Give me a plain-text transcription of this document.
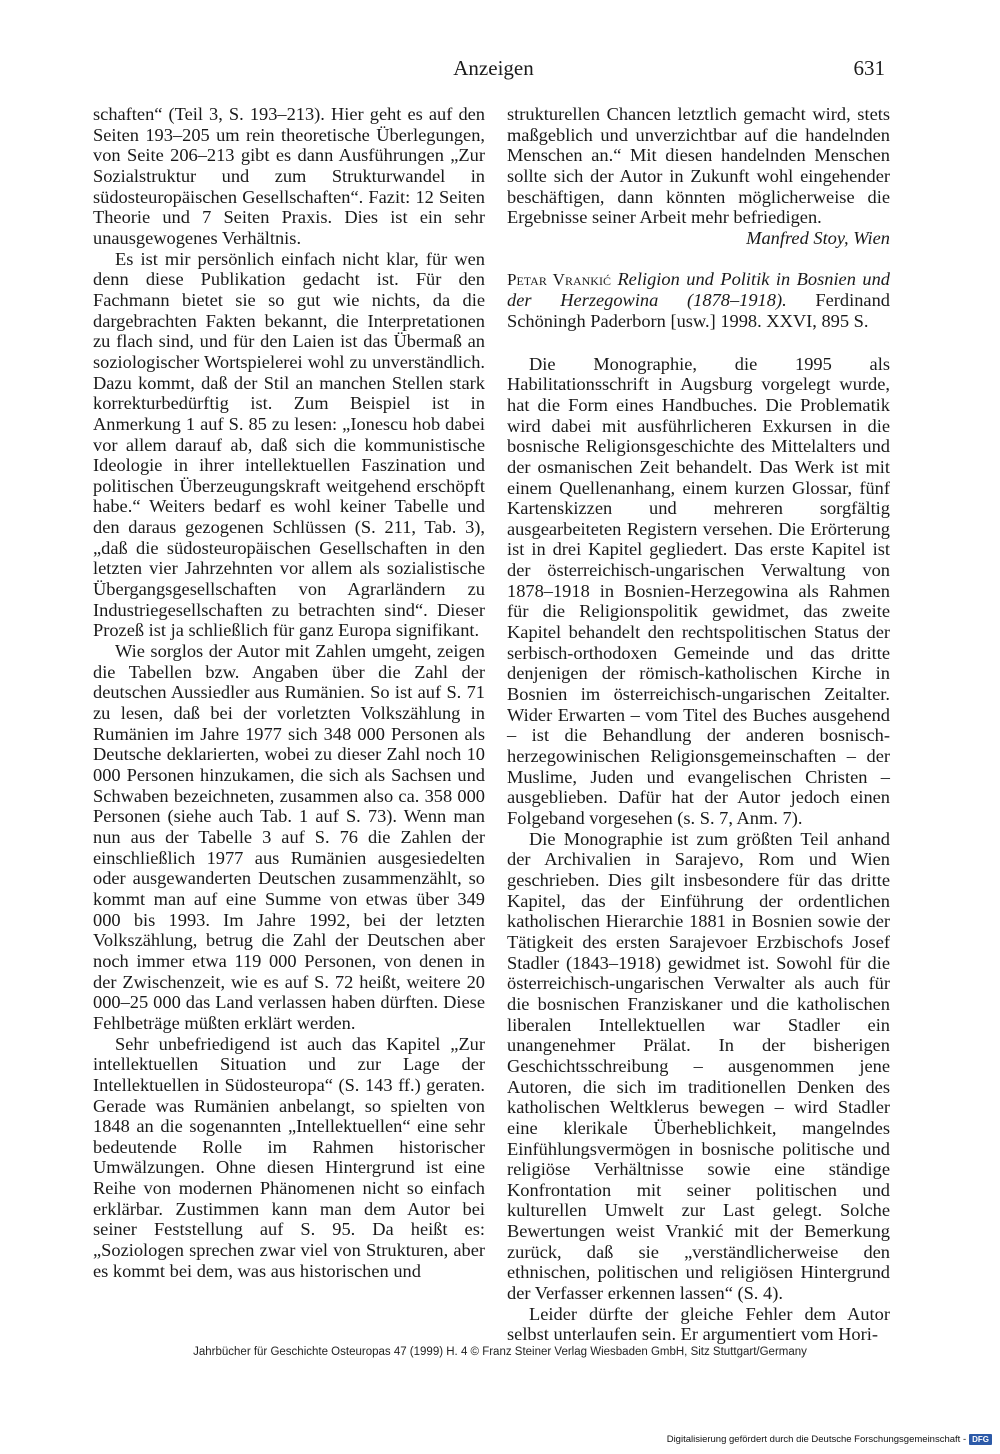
Anzeigen	631

schaften“ (Teil 3, S. 193–213). Hier geht es auf den Seiten 193–205 um rein theoretische Überlegungen, von Seite 206–213 gibt es dann Ausführungen „Zur Sozialstruktur und zum Strukturwandel in südosteuropäischen Gesellschaften“. Fazit: 12 Seiten Theorie und 7 Seiten Praxis. Dies ist ein sehr unausgewogenes Verhältnis.

Es ist mir persönlich einfach nicht klar, für wen denn diese Publikation gedacht ist. Für den Fachmann bietet sie so gut wie nichts, da die dargebrachten Fakten bekannt, die Interpretationen zu flach sind, und für den Laien ist das Übermaß an soziologischer Wortspielerei wohl zu unverständlich. Dazu kommt, daß der Stil an manchen Stellen stark korrekturbedürftig ist. Zum Beispiel ist in Anmerkung 1 auf S. 85 zu lesen: „Ionescu hob dabei vor allem darauf ab, daß sich die kommunistische Ideologie in ihrer intellektuellen Faszination und politischen Überzeugungskraft weitgehend erschöpft habe.“ Weiters bedarf es wohl keiner Tabelle und den daraus gezogenen Schlüssen (S. 211, Tab. 3), „daß die südosteuropäischen Gesellschaften in den letzten vier Jahrzehnten vor allem als sozialistische Übergangsgesellschaften von Agrarländern zu Industriegesellschaften zu betrachten sind“. Dieser Prozeß ist ja schließlich für ganz Europa signifikant.

Wie sorglos der Autor mit Zahlen umgeht, zeigen die Tabellen bzw. Angaben über die Zahl der deutschen Aussiedler aus Rumänien. So ist auf S. 71 zu lesen, daß bei der vorletzten Volkszählung in Rumänien im Jahre 1977 sich 348 000 Personen als Deutsche deklarierten, wobei zu dieser Zahl noch 10 000 Personen hinzukamen, die sich als Sachsen und Schwaben bezeichneten, zusammen also ca. 358 000 Personen (siehe auch Tab. 1 auf S. 73). Wenn man nun aus der Tabelle 3 auf S. 76 die Zahlen der einschließlich 1977 aus Rumänien ausgesiedelten oder ausgewanderten Deutschen zusammenzählt, so kommt man auf eine Summe von etwas über 349 000 bis 1993. Im Jahre 1992, bei der letzten Volkszählung, betrug die Zahl der Deutschen aber noch immer etwa 119 000 Personen, von denen in der Zwischenzeit, wie es auf S. 72 heißt, weitere 20 000–25 000 das Land verlassen haben dürften. Diese Fehlbeträge müßten erklärt werden.

Sehr unbefriedigend ist auch das Kapitel „Zur intellektuellen Situation und zur Lage der Intellektuellen in Südosteuropa“ (S. 143 ff.) geraten. Gerade was Rumänien anbelangt, so spielten von 1848 an die sogenannten „Intellektuellen“ eine sehr bedeutende Rolle im Rahmen historischer Umwälzungen. Ohne diesen Hintergrund ist eine Reihe von modernen Phänomenen nicht so einfach erklärbar. Zustimmen kann man dem Autor bei seiner Feststellung auf S. 95. Da heißt es: „Soziologen sprechen zwar viel von Strukturen, aber es kommt bei dem, was aus historischen und

strukturellen Chancen letztlich gemacht wird, stets maßgeblich und unverzichtbar auf die handelnden Menschen an.“ Mit diesen handelnden Menschen sollte sich der Autor in Zukunft wohl eingehender beschäftigen, dann könnten möglicherweise die Ergebnisse seiner Arbeit mehr befriedigen.
Manfred Stoy, Wien

Petar Vrankić Religion und Politik in Bosnien und der Herzegowina (1878–1918). Ferdinand Schöningh Paderborn [usw.] 1998. XXVI, 895 S.

Die Monographie, die 1995 als Habilitationsschrift in Augsburg vorgelegt wurde, hat die Form eines Handbuches. Die Problematik wird dabei mit ausführlicheren Exkursen in die bosnische Religionsgeschichte des Mittelalters und der osmanischen Zeit behandelt. Das Werk ist mit einem Quellenanhang, einem kurzen Glossar, fünf Kartenskizzen und mehreren sorgfältig ausgearbeiteten Registern versehen. Die Erörterung ist in drei Kapitel gegliedert. Das erste Kapitel ist der österreichisch-ungarischen Verwaltung von 1878–1918 in Bosnien-Herzegowina als Rahmen für die Religionspolitik gewidmet, das zweite Kapitel behandelt den rechtspolitischen Status der serbisch-orthodoxen Gemeinde und das dritte denjenigen der römisch-katholischen Kirche in Bosnien im österreichisch-ungarischen Zeitalter. Wider Erwarten – vom Titel des Buches ausgehend – ist die Behandlung der anderen bosnisch-herzegowinischen Religionsgemeinschaften – der Muslime, Juden und evangelischen Christen – ausgeblieben. Dafür hat der Autor jedoch einen Folgeband vorgesehen (s. S. 7, Anm. 7).

Die Monographie ist zum größten Teil anhand der Archivalien in Sarajevo, Rom und Wien geschrieben. Dies gilt insbesondere für das dritte Kapitel, das der Einführung der ordentlichen katholischen Hierarchie 1881 in Bosnien sowie der Tätigkeit des ersten Sarajevoer Erzbischofs Josef Stadler (1843–1918) gewidmet ist. Sowohl für die österreichisch-ungarischen Verwalter als auch für die bosnischen Franziskaner und die katholischen liberalen Intellektuellen war Stadler ein unangenehmer Prälat. In der bisherigen Geschichtsschreibung – ausgenommen jene Autoren, die sich im traditionellen Denken des katholischen Weltklerus bewegen – wird Stadler eine klerikale Überheblichkeit, mangelndes Einfühlungsvermögen in bosnische politische und religiöse Verhältnisse sowie eine ständige Konfrontation mit seiner politischen und kulturellen Umwelt zur Last gelegt. Solche Bewertungen weist Vrankić mit der Bemerkung zurück, daß sie „verständlicherweise den ethnischen, politischen und religiösen Hintergrund der Verfasser erkennen lassen“ (S. 4).

Leider dürfte der gleiche Fehler dem Autor selbst unterlaufen sein. Er argumentiert vom Hori-

Jahrbücher für Geschichte Osteuropas 47 (1999) H. 4 © Franz Steiner Verlag Wiesbaden GmbH, Sitz Stuttgart/Germany
Digitalisierung gefördert durch die Deutsche Forschungsgemeinschaft - DFG
